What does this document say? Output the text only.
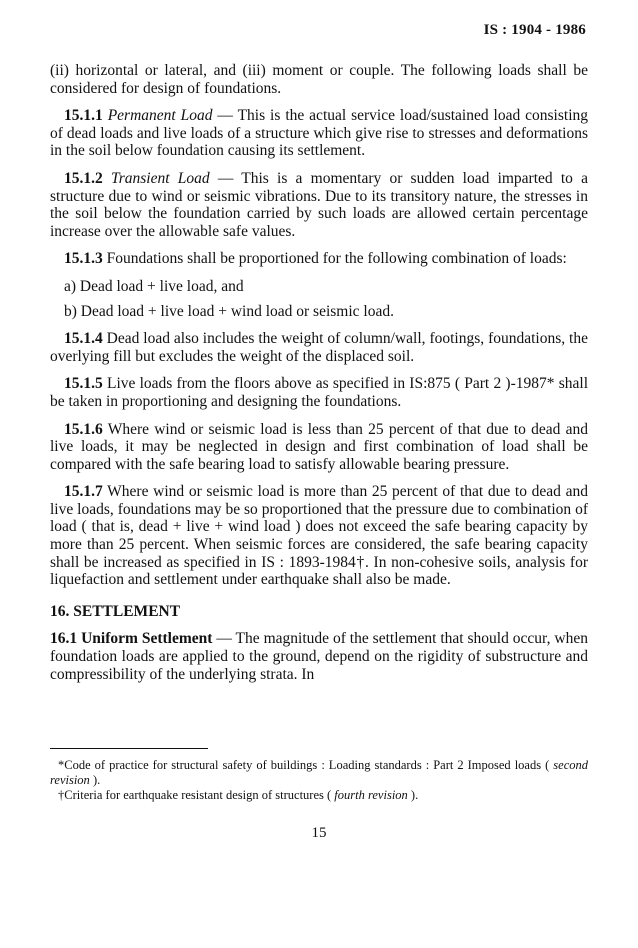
IS : 1904 - 1986

(ii) horizontal or lateral, and (iii) moment or couple. The following loads shall be considered for design of foundations.

15.1.1 Permanent Load — This is the actual service load/sustained load consisting of dead loads and live loads of a structure which give rise to stresses and deformations in the soil below foundation causing its settlement.

15.1.2 Transient Load — This is a momentary or sudden load imparted to a structure due to wind or seismic vibrations. Due to its transitory nature, the stresses in the soil below the foundation carried by such loads are allowed certain percentage increase over the allowable safe values.

15.1.3 Foundations shall be proportioned for the following combination of loads:

a) Dead load + live load, and
b) Dead load + live load + wind load or seismic load.

15.1.4 Dead load also includes the weight of column/wall, footings, foundations, the overlying fill but excludes the weight of the displaced soil.

15.1.5 Live loads from the floors above as specified in IS:875 ( Part 2 )-1987* shall be taken in proportioning and designing the foundations.

15.1.6 Where wind or seismic load is less than 25 percent of that due to dead and live loads, it may be neglected in design and first combination of load shall be compared with the safe bearing load to satisfy allowable bearing pressure.

15.1.7 Where wind or seismic load is more than 25 percent of that due to dead and live loads, foundations may be so proportioned that the pressure due to combination of load ( that is, dead + live + wind load ) does not exceed the safe bearing capacity by more than 25 percent. When seismic forces are considered, the safe bearing capacity shall be increased as specified in IS : 1893-1984†. In non-cohesive soils, analysis for liquefaction and settlement under earthquake shall also be made.

16. SETTLEMENT

16.1 Uniform Settlement — The magnitude of the settlement that should occur, when foundation loads are applied to the ground, depend on the rigidity of substructure and compressibility of the underlying strata. In

*Code of practice for structural safety of buildings : Loading standards : Part 2 Imposed loads ( second revision ).

†Criteria for earthquake resistant design of structures ( fourth revision ).

15
